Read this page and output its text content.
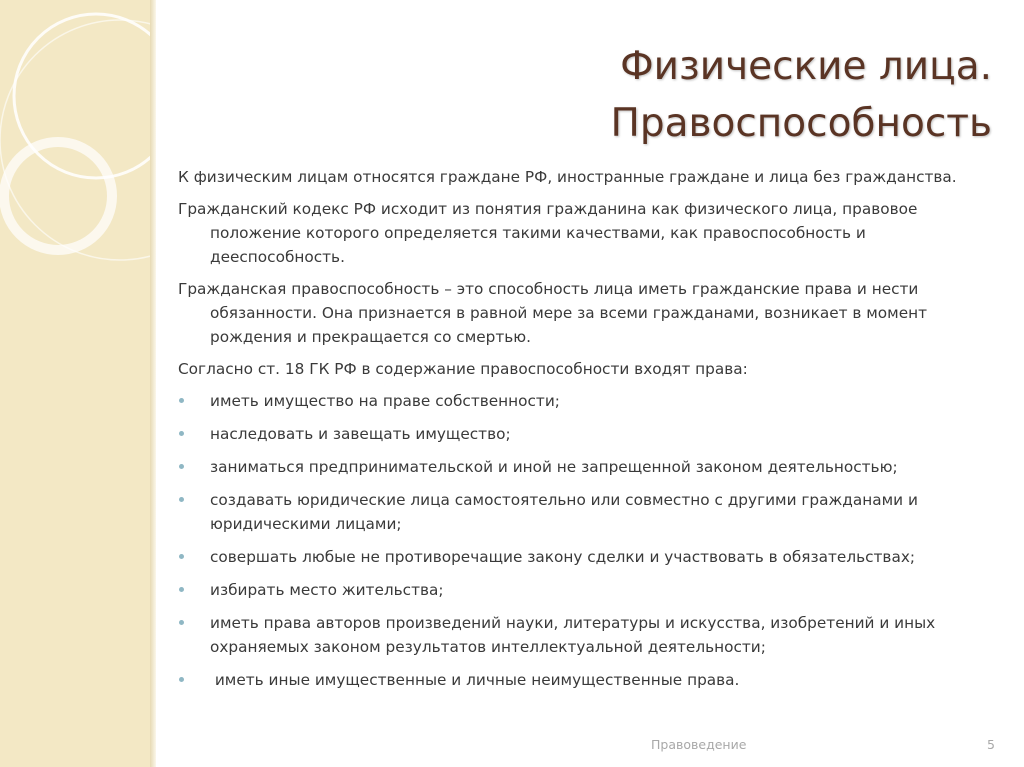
Физические лица.
Правоспособность

К физическим лицам относятся граждане РФ, иностранные граждане и лица без гражданства.

Гражданский кодекс РФ исходит из понятия гражданина как физического лица, правовое положение которого определяется такими качествами, как правоспособность и дееспособность.

Гражданская правоспособность – это способность лица иметь гражданские права и нести обязанности. Она признается в равной мере за всеми гражданами, возникает в момент рождения и прекращается со смертью.

Согласно ст. 18 ГК РФ в содержание правоспособности входят права:

иметь имущество на праве собственности;
наследовать и завещать имущество;
заниматься предпринимательской и иной не запрещенной законом деятельностью;
создавать юридические лица самостоятельно или совместно с другими гражданами и юридическими лицами;
совершать любые не противоречащие закону сделки и участвовать в обязательствах;
избирать место жительства;
иметь права авторов произведений науки, литературы и искусства, изобретений и иных охраняемых законом результатов интеллектуальной деятельности;
иметь иные имущественные и личные неимущественные права.
Правоведение	5
